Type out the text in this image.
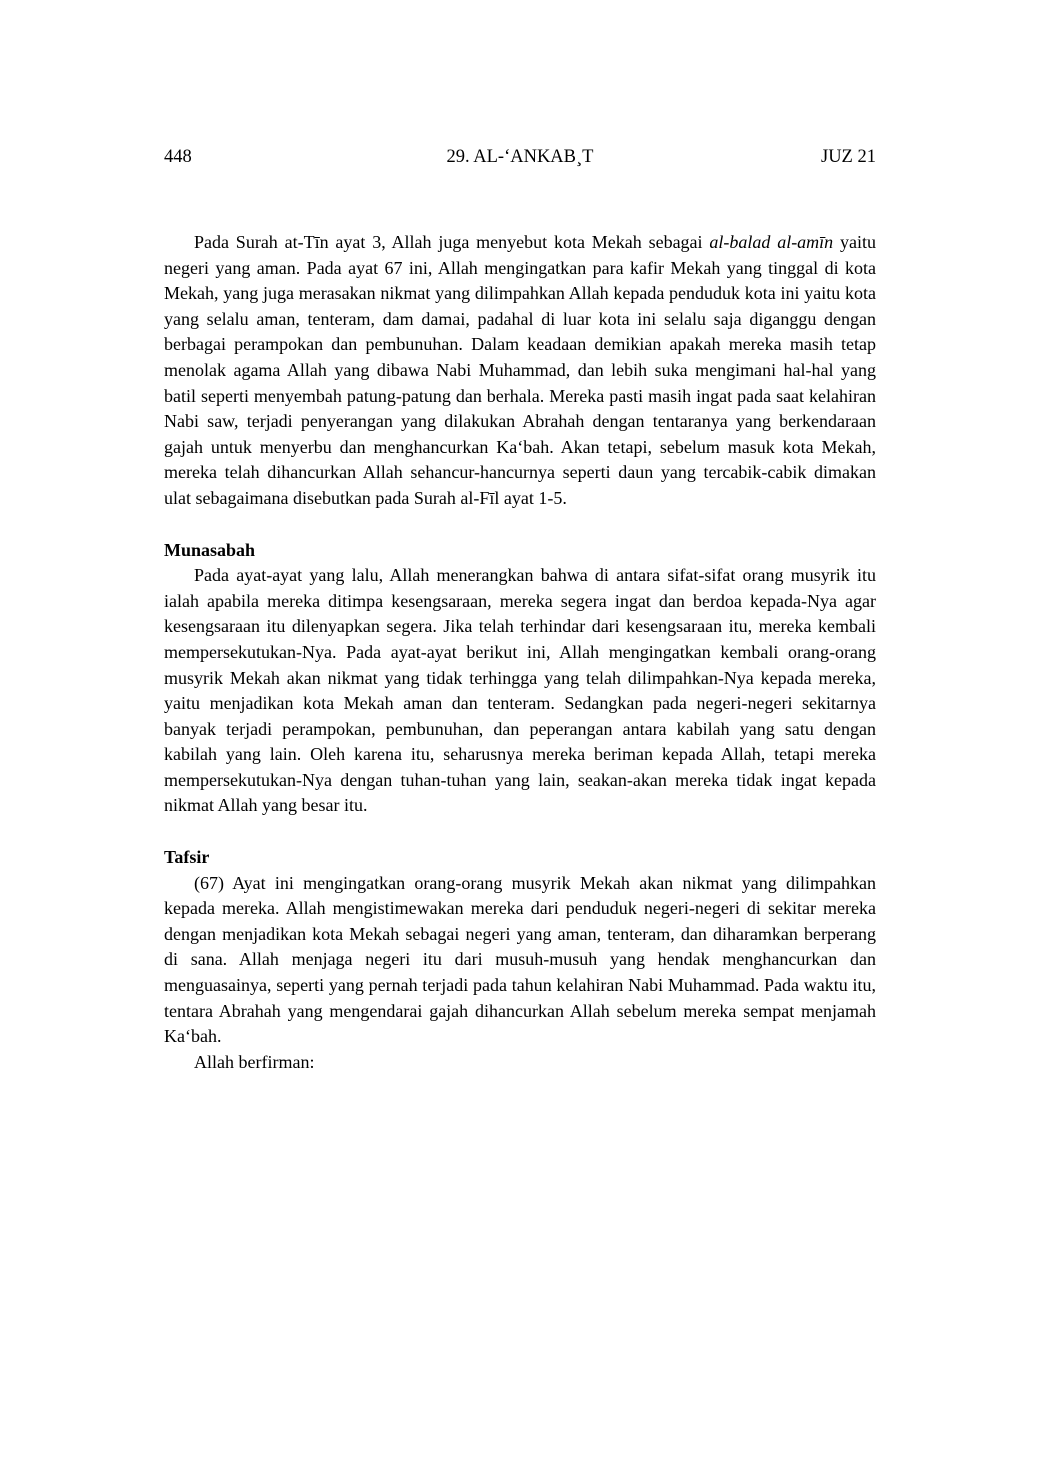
448	29. AL-‘ANKAB¸T	JUZ 21

Pada Surah at-Tīn ayat 3, Allah juga menyebut kota Mekah sebagai al-balad al-amīn yaitu negeri yang aman. Pada ayat 67 ini, Allah mengingatkan para kafir Mekah yang tinggal di kota Mekah, yang juga merasakan nikmat yang dilimpahkan Allah kepada penduduk kota ini yaitu kota yang selalu aman, tenteram, dam damai, padahal di luar kota ini selalu saja diganggu dengan berbagai perampokan dan pembunuhan. Dalam keadaan demikian apakah mereka masih tetap menolak agama Allah yang dibawa Nabi Muhammad, dan lebih suka mengimani hal-hal yang batil seperti menyembah patung-patung dan berhala. Mereka pasti masih ingat pada saat kelahiran Nabi saw, terjadi penyerangan yang dilakukan Abrahah dengan tentaranya yang berkendaraan gajah untuk menyerbu dan menghancurkan Ka‘bah. Akan tetapi, sebelum masuk kota Mekah, mereka telah dihancurkan Allah sehancur-hancurnya seperti daun yang tercabik-cabik dimakan ulat sebagaimana disebutkan pada Surah al-Fīl ayat 1-5.

Munasabah

Pada ayat-ayat yang lalu, Allah menerangkan bahwa di antara sifat-sifat orang musyrik itu ialah apabila mereka ditimpa kesengsaraan, mereka segera ingat dan berdoa kepada-Nya agar kesengsaraan itu dilenyapkan segera. Jika telah terhindar dari kesengsaraan itu, mereka kembali mempersekutukan-Nya. Pada ayat-ayat berikut ini, Allah mengingatkan kembali orang-orang musyrik Mekah akan nikmat yang tidak terhingga yang telah dilimpahkan-Nya kepada mereka, yaitu menjadikan kota Mekah aman dan tenteram. Sedangkan pada negeri-negeri sekitarnya banyak terjadi perampokan, pembunuhan, dan peperangan antara kabilah yang satu dengan kabilah yang lain. Oleh karena itu, seharusnya mereka beriman kepada Allah, tetapi mereka mempersekutukan-Nya dengan tuhan-tuhan yang lain, seakan-akan mereka tidak ingat kepada nikmat Allah yang besar itu.

Tafsir

(67) Ayat ini mengingatkan orang-orang musyrik Mekah akan nikmat yang dilimpahkan kepada mereka. Allah mengistimewakan mereka dari penduduk negeri-negeri di sekitar mereka dengan menjadikan kota Mekah sebagai negeri yang aman, tenteram, dan diharamkan berperang di sana. Allah menjaga negeri itu dari musuh-musuh yang hendak menghancurkan dan menguasainya, seperti yang pernah terjadi pada tahun kelahiran Nabi Muhammad. Pada waktu itu, tentara Abrahah yang mengendarai gajah dihancurkan Allah sebelum mereka sempat menjamah Ka‘bah.

Allah berfirman:
